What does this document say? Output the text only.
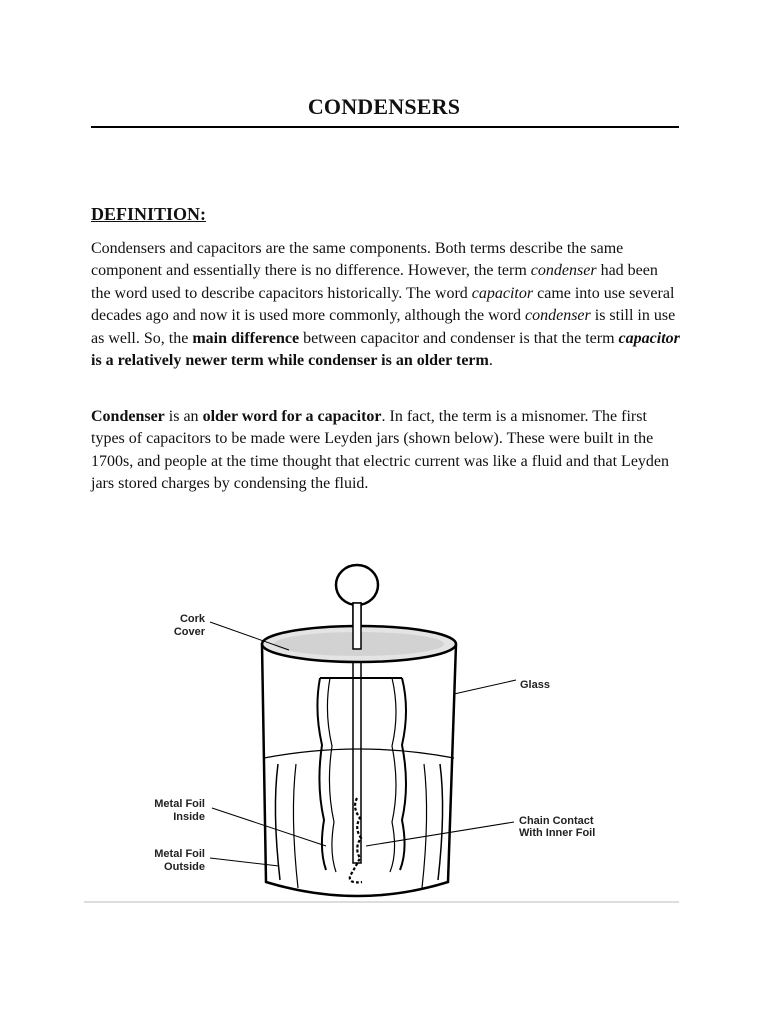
CONDENSERS
DEFINITION:

Condensers and capacitors are the same components. Both terms describe the same component and essentially there is no difference. However, the term condenser had been the word used to describe capacitors historically. The word capacitor came into use several decades ago and now it is used more commonly, although the word condenser is still in use as well. So, the main difference between capacitor and condenser is that the term capacitor is a relatively newer term while condenser is an older term.

Condenser is an older word for a capacitor. In fact, the term is a misnomer. The first types of capacitors to be made were Leyden jars (shown below). These were built in the 1700s, and people at the time thought that electric current was like a fluid and that Leyden jars stored charges by condensing the fluid.

Cork
Cover
Glass
Metal Foil
Inside	Chain Contact
With Inner Foil
Metal Foil
Outside
